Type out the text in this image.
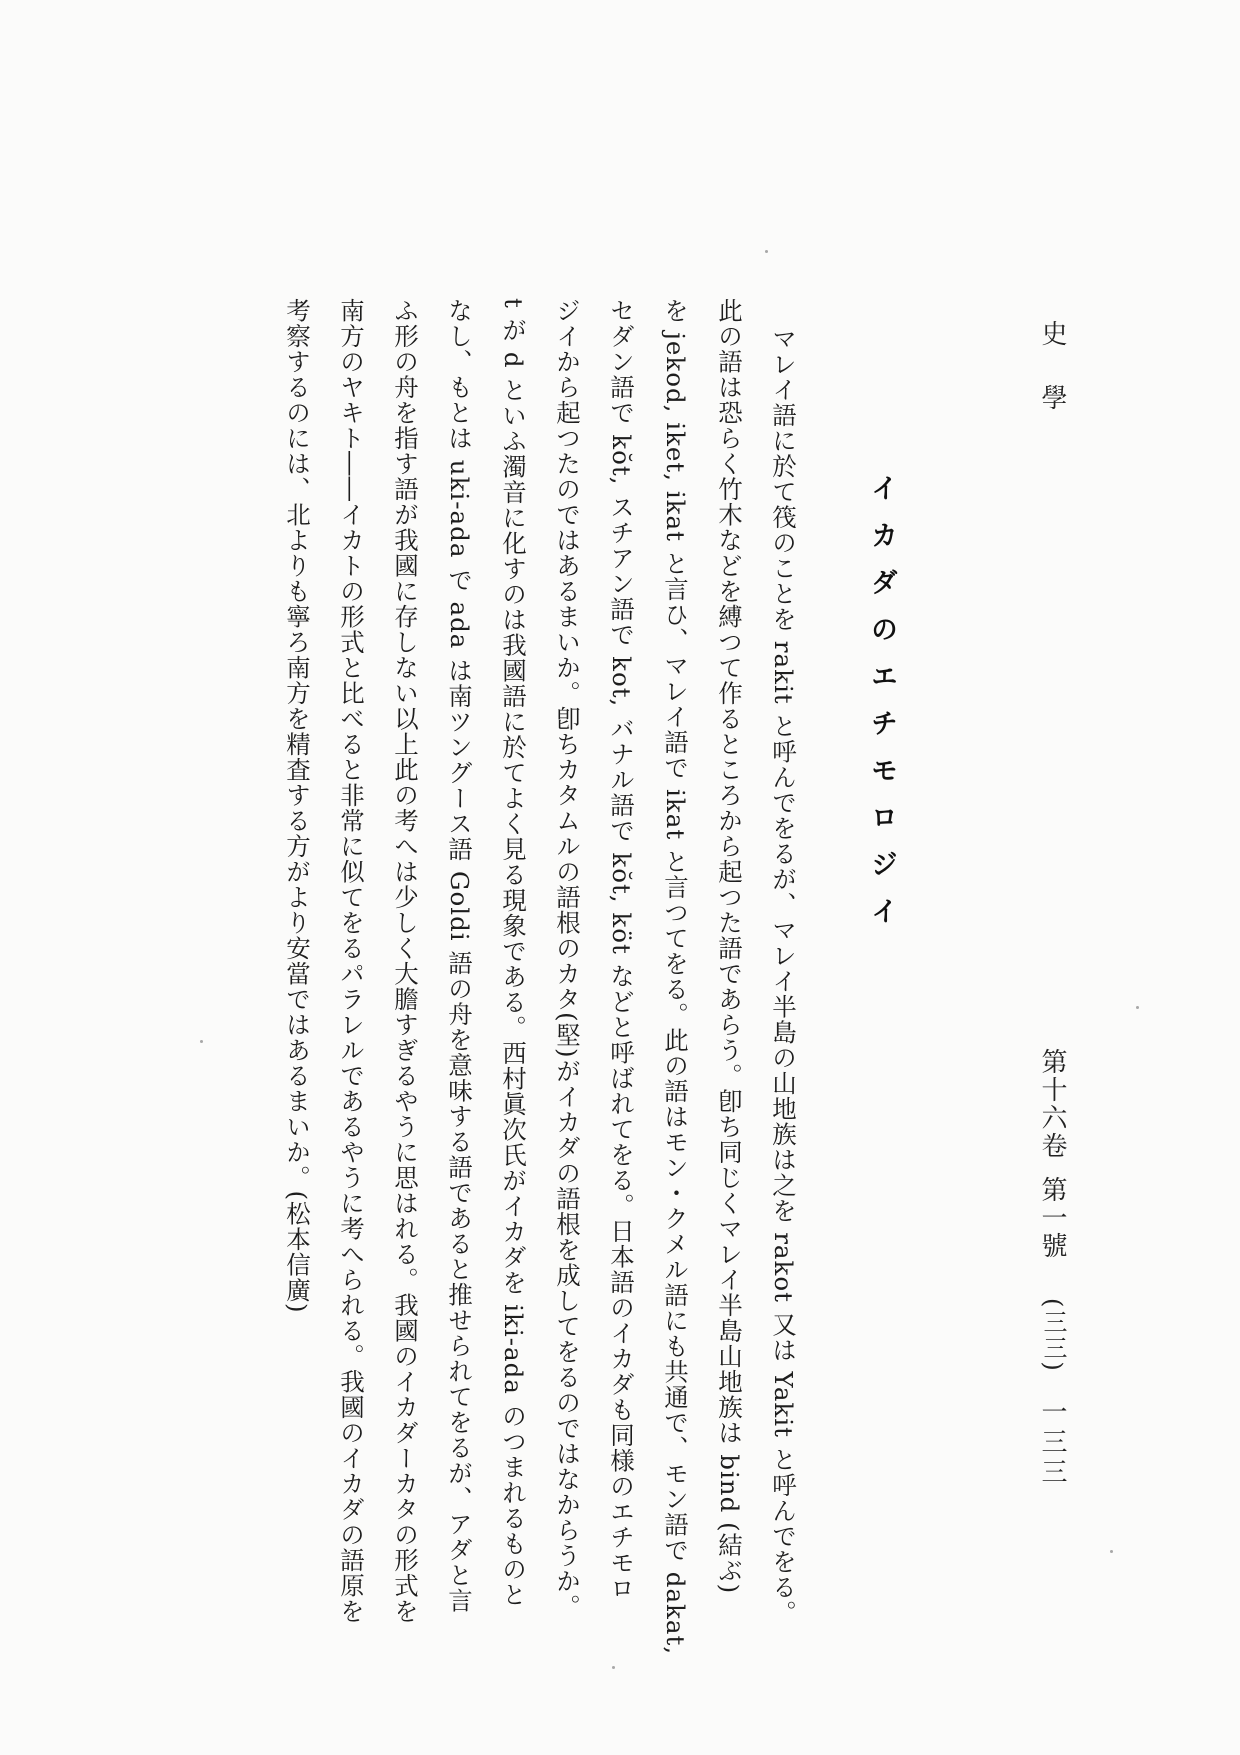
史學
第十六卷
第一號
(三三)
一三三
イカダのエチモロジイ
マレイ語に於て筏のことを rakit と呼んでをるが、マレイ半島の山地族は之を rakot 又は Yakit と呼んでをる。
此の語は恐らく竹木などを縛つて作るところから起つた語であらう。卽ち同じくマレイ半島山地族は bind (結ぶ)
を jekod, iket, ikat と言ひ、マレイ語で ikat と言つてをる。此の語はモン・クメル語にも共通で、モン語で dakat,
セダン語で kŏt, スチアン語で kot, バナル語で kŏt, köt などと呼ばれてをる。日本語のイカダも同様のエチモロ
ジイから起つたのではあるまいか。卽ちカタムルの語根のカタ(堅)がイカダの語根を成してをるのではなからうか。
t が d といふ濁音に化すのは我國語に於てよく見る現象である。西村眞次氏がイカダを iki-ada のつまれるものと
なし、もとは uki-ada で ada は南ツングース語 Goldi 語の舟を意味する語であると推せられてをるが、アダと言
ふ形の舟を指す語が我國に存しない以上此の考へは少しく大膽すぎるやうに思はれる。我國のイカダーカタの形式を
南方のヤキト――イカトの形式と比べると非常に似てをるパラレルであるやうに考へられる。我國のイカダの語原を
考察するのには、北よりも寧ろ南方を精査する方がより安當ではあるまいか。(松本信廣)
